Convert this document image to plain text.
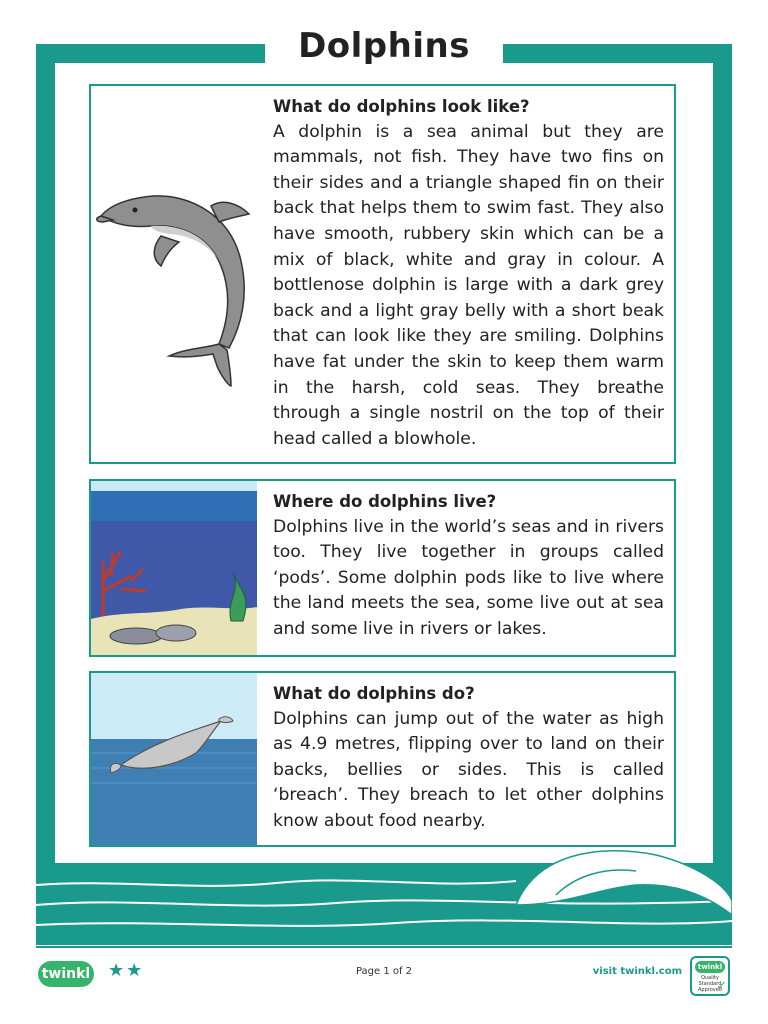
Dolphins
What do dolphins look like?
A dolphin is a sea animal but they are mammals, not fish. They have two fins on their sides and a triangle shaped fin on their back that helps them to swim fast. They also have smooth, rubbery skin which can be a mix of black, white and gray in colour. A bottlenose dolphin is large with a dark grey back and a light gray belly with a short beak that can look like they are smiling. Dolphins have fat under the skin to keep them warm in the harsh, cold seas. They breathe through a single nostril on the top of their head called a blowhole.
Where do dolphins live?
Dolphins live in the world’s seas and in rivers too. They live together in groups called ‘pods’. Some dolphin pods like to live where the land meets the sea, some live out at sea and some live in rivers or lakes.
What do dolphins do?
Dolphins can jump out of the water as high as 4.9 metres, flipping over to land on their backs, bellies or sides. This is called ‘breach’. They breach to let other dolphins know about food nearby.
twinkl ★★	Page 1 of 2	visit twinkl.com	twinkl
Quality Standard Approved
✓
